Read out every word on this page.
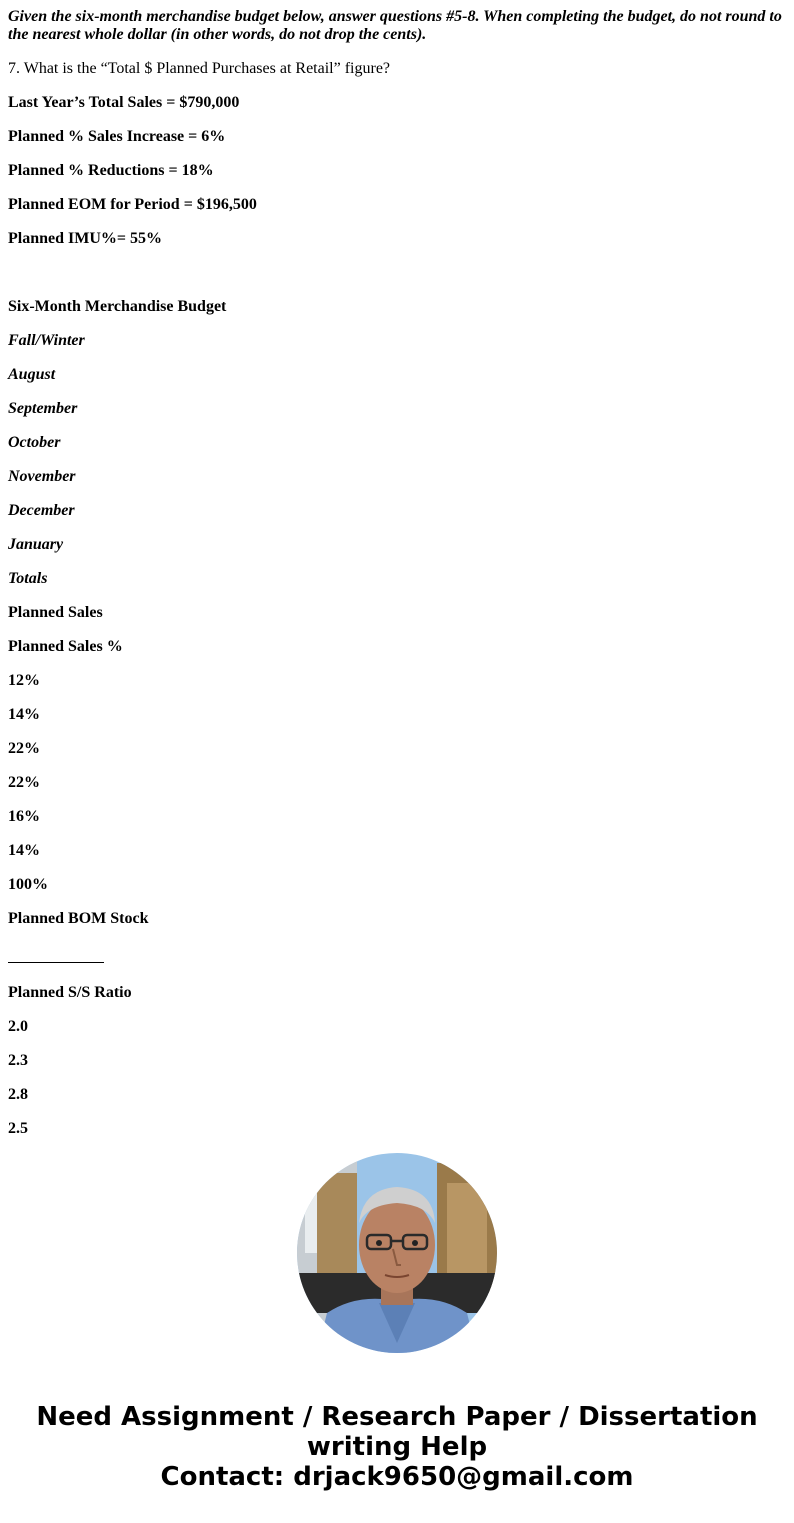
Given the six-month merchandise budget below, answer questions #5-8. When completing the budget, do not round to the nearest whole dollar (in other words, do not drop the cents).

7. What is the “Total $ Planned Purchases at Retail” figure?

Last Year’s Total Sales = $790,000

Planned % Sales Increase = 6%

Planned % Reductions = 18%

Planned EOM for Period = $196,500

Planned IMU%= 55%

Six-Month Merchandise Budget

Fall/Winter

August

September

October

November

December

January

Totals

Planned Sales

Planned Sales %

12%

14%

22%

22%

16%

14%

100%

Planned BOM Stock

Planned S/S Ratio

2.0

2.3

2.8

2.5

Need Assignment / Research Paper / Dissertation
writing Help
Contact: drjack9650@gmail.com
